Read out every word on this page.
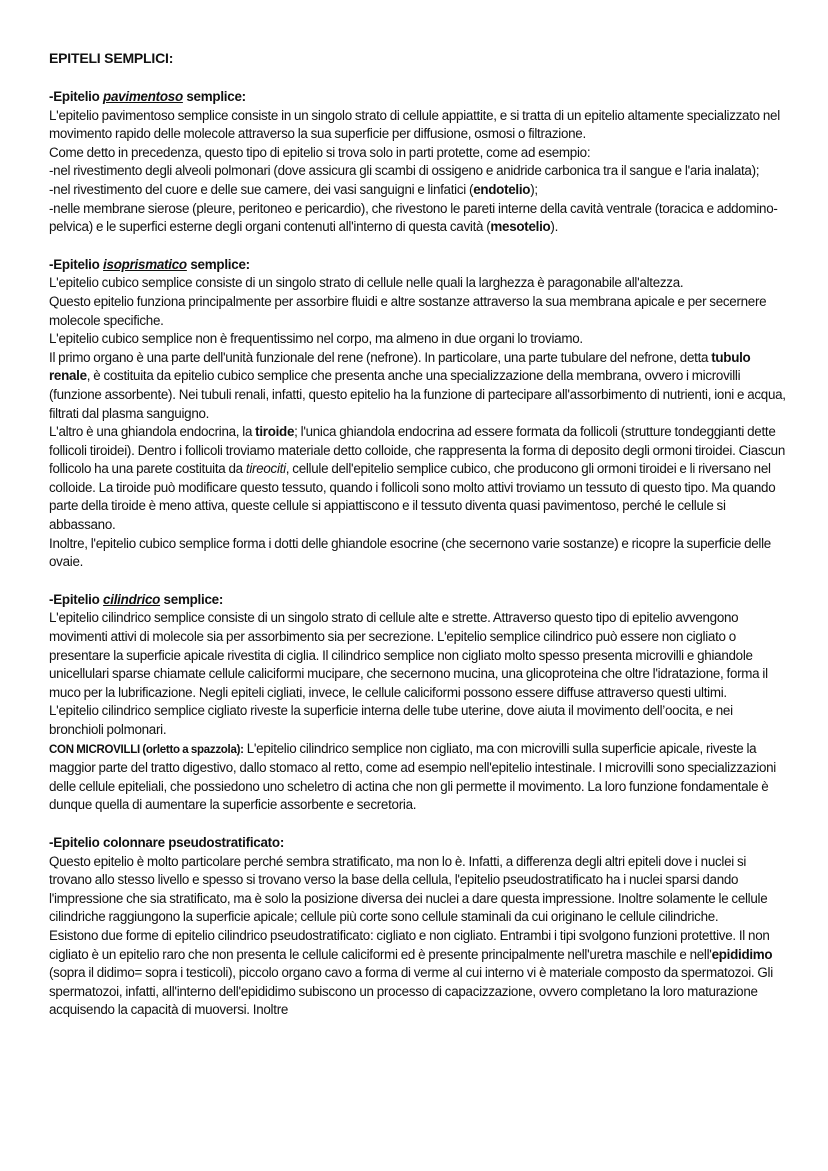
EPITELI SEMPLICI:
-Epitelio pavimentoso semplice:

L'epitelio pavimentoso semplice consiste in un singolo strato di cellule appiattite, e si tratta di un epitelio altamente specializzato nel movimento rapido delle molecole attraverso la sua superficie per diffusione, osmosi o filtrazione.

Come detto in precedenza, questo tipo di epitelio si trova solo in parti protette, come ad esempio:

-nel rivestimento degli alveoli polmonari (dove assicura gli scambi di ossigeno e anidride carbonica tra il sangue e l'aria inalata);

-nel rivestimento del cuore e delle sue camere, dei vasi sanguigni e linfatici (endotelio);

-nelle membrane sierose (pleure, peritoneo e pericardio), che rivestono le pareti interne della cavità ventrale (toracica e addomino-pelvica) e le superfici esterne degli organi contenuti all'interno di questa cavità (mesotelio).

-Epitelio isoprismatico semplice:

L'epitelio cubico semplice consiste di un singolo strato di cellule nelle quali la larghezza è paragonabile all'altezza.

Questo epitelio funziona principalmente per assorbire fluidi e altre sostanze attraverso la sua membrana apicale e per secernere molecole specifiche.

L'epitelio cubico semplice non è frequentissimo nel corpo, ma almeno in due organi lo troviamo.

Il primo organo è una parte dell'unità funzionale del rene (nefrone). In particolare, una parte tubulare del nefrone, detta tubulo renale, è costituita da epitelio cubico semplice che presenta anche una specializzazione della membrana, ovvero i microvilli (funzione assorbente). Nei tubuli renali, infatti, questo epitelio ha la funzione di partecipare all'assorbimento di nutrienti, ioni e acqua, filtrati dal plasma sanguigno.

L'altro è una ghiandola endocrina, la tiroide; l'unica ghiandola endocrina ad essere formata da follicoli (strutture tondeggianti dette follicoli tiroidei). Dentro i follicoli troviamo materiale detto colloide, che rappresenta la forma di deposito degli ormoni tiroidei. Ciascun follicolo ha una parete costituita da tireociti, cellule dell'epitelio semplice cubico, che producono gli ormoni tiroidei e li riversano nel colloide. La tiroide può modificare questo tessuto, quando i follicoli sono molto attivi troviamo un tessuto di questo tipo. Ma quando parte della tiroide è meno attiva, queste cellule si appiattiscono e il tessuto diventa quasi pavimentoso, perché le cellule si abbassano.

Inoltre, l'epitelio cubico semplice forma i dotti delle ghiandole esocrine (che secernono varie sostanze) e ricopre la superficie delle ovaie.

-Epitelio cilindrico semplice:

L'epitelio cilindrico semplice consiste di un singolo strato di cellule alte e strette. Attraverso questo tipo di epitelio avvengono movimenti attivi di molecole sia per assorbimento sia per secrezione. L'epitelio semplice cilindrico può essere non cigliato o presentare la superficie apicale rivestita di ciglia. Il cilindrico semplice non cigliato molto spesso presenta microvilli e ghiandole unicellulari sparse chiamate cellule caliciformi mucipare, che secernono mucina, una glicoproteina che oltre l'idratazione, forma il muco per la lubrificazione. Negli epiteli cigliati, invece, le cellule caliciformi possono essere diffuse attraverso questi ultimi.

L'epitelio cilindrico semplice cigliato riveste la superficie interna delle tube uterine, dove aiuta il movimento dell’oocita, e nei bronchioli polmonari.

CON MICROVILLI (orletto a spazzola): L'epitelio cilindrico semplice non cigliato, ma con microvilli sulla superficie apicale, riveste la maggior parte del tratto digestivo, dallo stomaco al retto, come ad esempio nell'epitelio intestinale. I microvilli sono specializzazioni delle cellule epiteliali, che possiedono uno scheletro di actina che non gli permette il movimento. La loro funzione fondamentale è dunque quella di aumentare la superficie assorbente e secretoria.

-Epitelio colonnare pseudostratificato:

Questo epitelio è molto particolare perché sembra stratificato, ma non lo è. Infatti, a differenza degli altri epiteli dove i nuclei si trovano allo stesso livello e spesso si trovano verso la base della cellula, l'epitelio pseudostratificato ha i nuclei sparsi dando l'impressione che sia stratificato, ma è solo la posizione diversa dei nuclei a dare questa impressione. Inoltre solamente le cellule cilindriche raggiungono la superficie apicale; cellule più corte sono cellule staminali da cui originano le cellule cilindriche.

Esistono due forme di epitelio cilindrico pseudostratificato: cigliato e non cigliato. Entrambi i tipi svolgono funzioni protettive. Il non cigliato è un epitelio raro che non presenta le cellule caliciformi ed è presente principalmente nell'uretra maschile e nell'epididimo (sopra il didimo= sopra i testicoli), piccolo organo cavo a forma di verme al cui interno vi è materiale composto da spermatozoi. Gli spermatozoi, infatti, all'interno dell'epididimo subiscono un processo di capacizzazione, ovvero completano la loro maturazione acquisendo la capacità di muoversi. Inoltre
